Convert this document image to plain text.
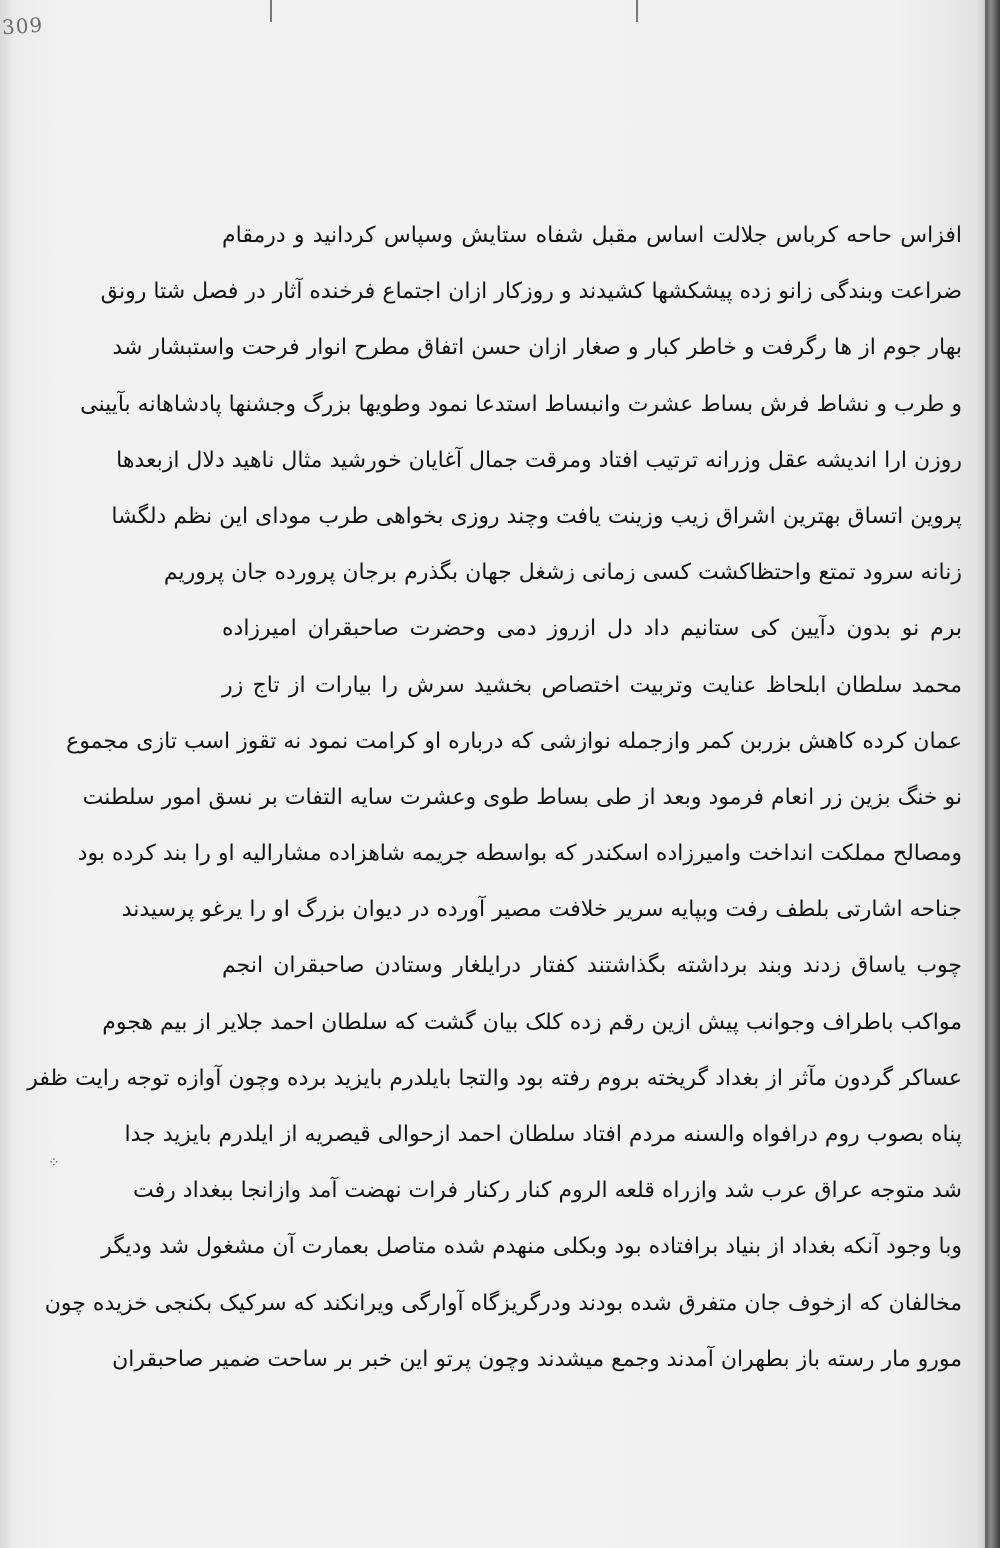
309
⁘
افزاس حاحه کرباس جلالت اساس مقبل شفاه ستایش وسپاس کردانید و درمقام
ضراعت وبندگی زانو زده پیشکشها کشیدند و روزکار ازان اجتماع فرخنده آثار در فصل شتا رونق
بهار جوم از ها رگرفت و خاطر کبار و صغار ازان حسن اتفاق مطرح انوار فرحت واستبشار شد
و طرب و نشاط فرش بساط عشرت وانبساط استدعا نمود وطویها بزرگ وجشنها پادشاهانه بآیینی
روزن ارا اندیشه عقل وزرانه ترتیب افتاد ومرقت جمال آغایان خورشید مثال ناهید دلال ازبعدها
پروین اتساق بهترین اشراق زیب وزینت یافت وچند روزی بخواهی طرب مودای این نظم دلگشا
زنانه سرود تمتع واحتظاکشت کسی زمانی زشغل جهان بگذرم برجان پرورده جان پروریم
برم نو بدون دآیین کی ستانیم داد دل ازروز دمی وحضرت صاحبقران امیرزاده
محمد سلطان ابلحاظ عنایت وتربیت اختصاص بخشید سرش را بیارات از تاج زر
عمان کرده کاهش بزربن کمر وازجمله نوازشی که درباره او کرامت نمود نه تقوز اسب تازی مجموع
نو خنگ بزین زر انعام فرمود وبعد از طی بساط طوی وعشرت سایه التفات بر نسق امور سلطنت
ومصالح مملکت انداخت وامیرزاده اسکندر که بواسطه جریمه شاهزاده مشارالیه او را بند کرده بود
جناحه اشارتی بلطف رفت وبپایه سریر خلافت مصیر آورده در دیوان بزرگ او را یرغو پرسیدند
چوب یاساق زدند وبند برداشته بگذاشتند کفتار درایلغار وستادن صاحبقران انجم
مواکب باطراف وجوانب پیش ازین رقم زده کلک بیان گشت که سلطان احمد جلایر از بیم هجوم
عساکر گردون مآثر از بغداد گریخته بروم رفته بود والتجا بایلدرم بایزید برده وچون آوازه توجه رایت ظفر
پناه بصوب روم درافواه والسنه مردم افتاد سلطان احمد ازحوالی قیصریه از ایلدرم بایزید جدا
شد متوجه عراق عرب شد وازراه قلعه الروم کنار رکنار فرات نهضت آمد وازانجا ببغداد رفت
وبا وجود آنکه بغداد از بنیاد برافتاده بود وبکلی منهدم شده متاصل بعمارت آن مشغول شد ودیگر
مخالفان که ازخوف جان متفرق شده بودند ودرگریزگاه آوارگی ویرانکند که سرکیک بکنجی خزیده چون
مورو مار رسته باز بطهران آمدند وجمع میشدند وچون پرتو این خبر بر ساحت ضمیر صاحبقران
